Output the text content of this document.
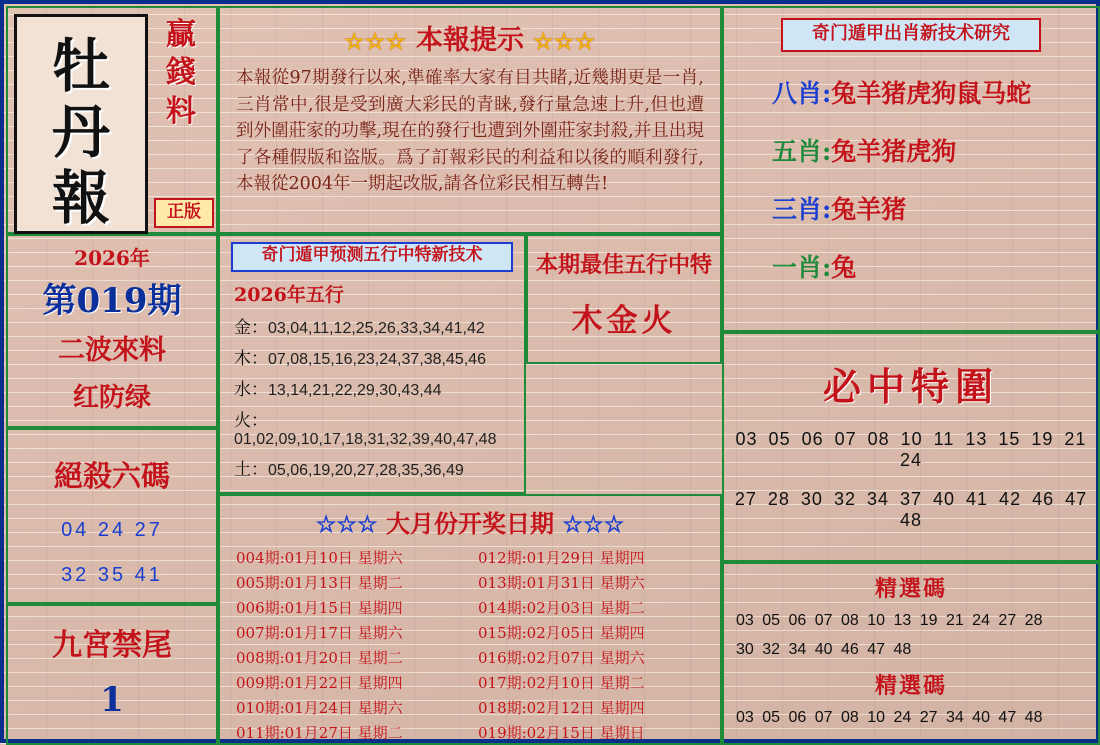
牡
丹
報
贏
錢
料
正版
2026年
第019期
二波來料
红防绿
絕殺六碼
04 24 27
32 35 41
九宮禁尾
1
☆☆☆ 本報提示 ☆☆☆
本報從97期發行以來,準確率大家有目共睹,近幾期更是一肖,三肖常中,很是受到廣大彩民的青睐,發行量急速上升,但也遭到外圍莊家的功擊,現在的發行也遭到外圍莊家封殺,并且出現了各種假版和盗版。爲了訂報彩民的利益和以後的順利發行,本報從2004年一期起改版,請各位彩民相互轉告!
奇门遁甲预测五行中特新技术
2026年五行
金：03,04,11,12,25,26,33,34,41,42
木：07,08,15,16,23,24,37,38,45,46
水：13,14,21,22,29,30,43,44
火：01,02,09,10,17,18,31,32,39,40,47,48
土：05,06,19,20,27,28,35,36,49
本期最佳五行中特
木金火
☆☆☆ 大月份开奖日期 ☆☆☆
004期:01月10日 星期六	012期:01月29日 星期四
005期:01月13日 星期二	013期:01月31日 星期六
006期:01月15日 星期四	014期:02月03日 星期二
007期:01月17日 星期六	015期:02月05日 星期四
008期:01月20日 星期二	016期:02月07日 星期六
009期:01月22日 星期四	017期:02月10日 星期二
010期:01月24日 星期六	018期:02月12日 星期四
011期:01月27日 星期二	019期:02月15日 星期日
奇门遁甲出肖新技术研究
八肖:兔羊猪虎狗鼠马蛇
五肖:兔羊猪虎狗
三肖:兔羊猪
一肖:兔
必中特圍
03 05 06 07 08 10 11 13 15 19 21 24
27 28 30 32 34 37 40 41 42 46 47 48
精選碼
03 05 06 07 08 10 13 19 21 24 27 28
30 32 34 40 46 47 48
精選碼
03 05 06 07 08 10 24 27 34 40 47 48
